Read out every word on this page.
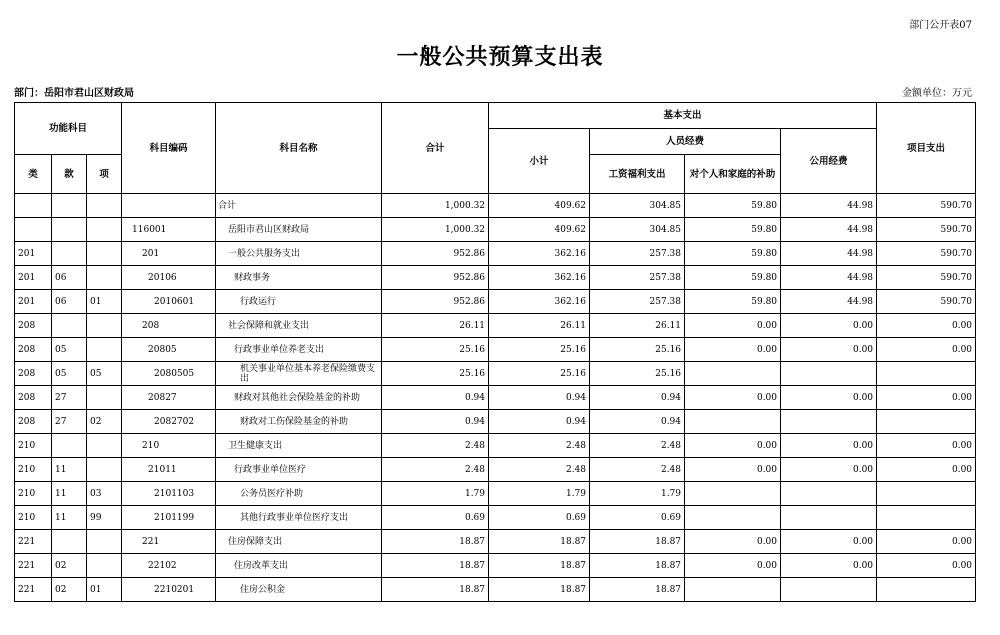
部门公开表07
一般公共预算支出表
部门：岳阳市君山区财政局	金额单位：万元
功能科目			科目编码	科目名称	合计	基本支出				项目支出
						小计	人员经费		公用经费	
类	款	项					工资福利支出	对个人和家庭的补助		
				合计	1,000.32	409.62	304.85	59.80	44.98	590.70
			116001	岳阳市君山区财政局	1,000.32	409.62	304.85	59.80	44.98	590.70
201			201	一般公共服务支出	952.86	362.16	257.38	59.80	44.98	590.70
201	06		20106	财政事务	952.86	362.16	257.38	59.80	44.98	590.70
201	06	01	2010601	行政运行	952.86	362.16	257.38	59.80	44.98	590.70
208			208	社会保障和就业支出	26.11	26.11	26.11	0.00	0.00	0.00
208	05		20805	行政事业单位养老支出	25.16	25.16	25.16	0.00	0.00	0.00
208	05	05	2080505	机关事业单位基本养老保险缴费支出	25.16	25.16	25.16			
208	27		20827	财政对其他社会保险基金的补助	0.94	0.94	0.94	0.00	0.00	0.00
208	27	02	2082702	财政对工伤保险基金的补助	0.94	0.94	0.94			
210			210	卫生健康支出	2.48	2.48	2.48	0.00	0.00	0.00
210	11		21011	行政事业单位医疗	2.48	2.48	2.48	0.00	0.00	0.00
210	11	03	2101103	公务员医疗补助	1.79	1.79	1.79			
210	11	99	2101199	其他行政事业单位医疗支出	0.69	0.69	0.69			
221			221	住房保障支出	18.87	18.87	18.87	0.00	0.00	0.00
221	02		22102	住房改革支出	18.87	18.87	18.87	0.00	0.00	0.00
221	02	01	2210201	住房公积金	18.87	18.87	18.87			
